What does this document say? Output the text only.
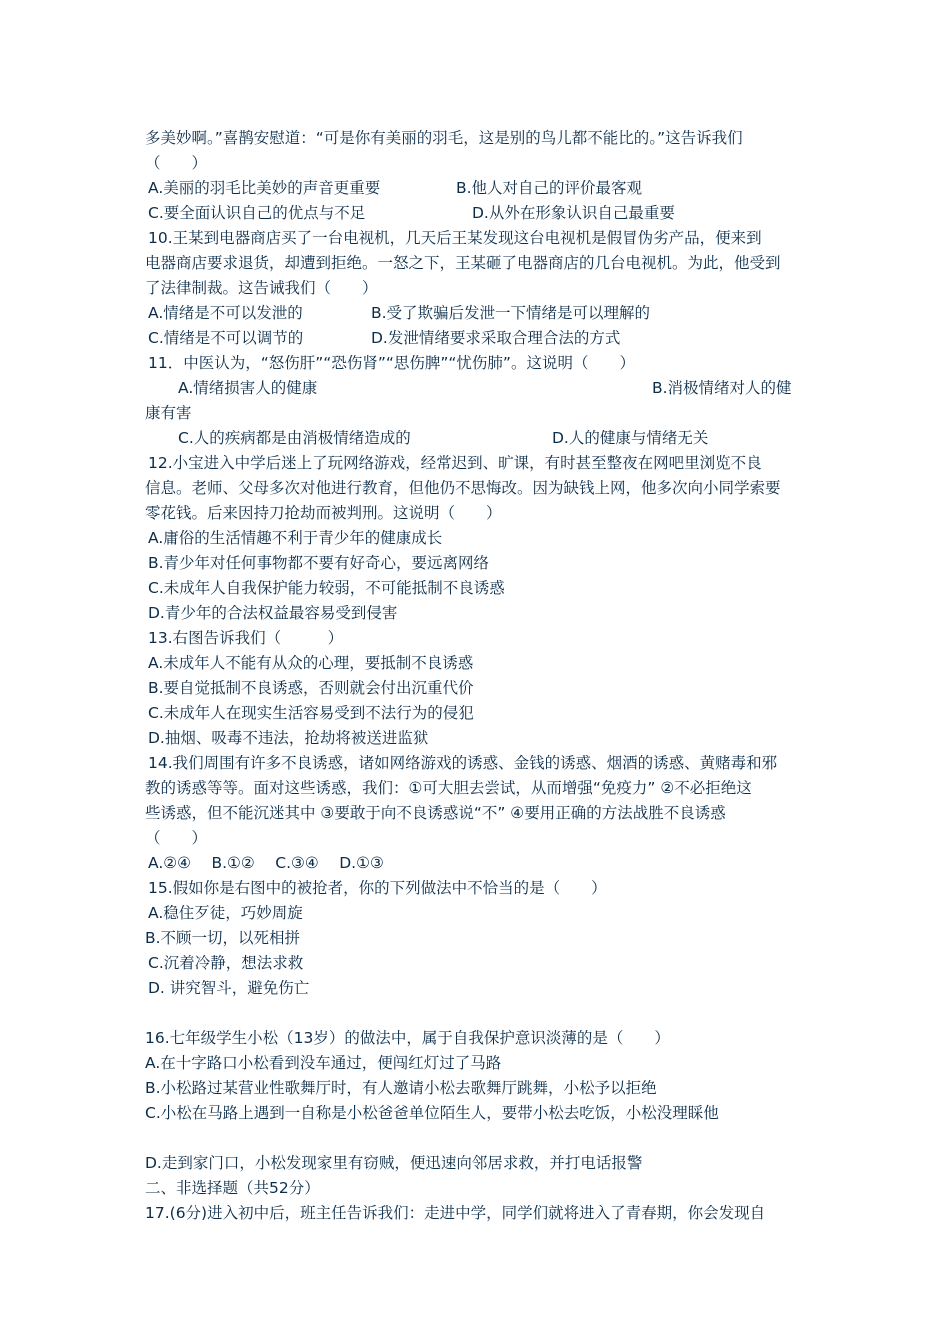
多美妙啊。”喜鹊安慰道：“可是你有美丽的羽毛，这是别的鸟儿都不能比的。”这告诉我们
（　　）
A.美丽的羽毛比美妙的声音更重要	B.他人对自己的评价最客观
C.要全面认识自己的优点与不足	D.从外在形象认识自己最重要
10.王某到电器商店买了一台电视机，几天后王某发现这台电视机是假冒伪劣产品，便来到
电器商店要求退货，却遭到拒绝。一怒之下，王某砸了电器商店的几台电视机。为此，他受到
了法律制裁。这告诫我们（　　）
A.情绪是不可以发泄的	B.受了欺骗后发泄一下情绪是可以理解的
C.情绪是不可以调节的	D.发泄情绪要求采取合理合法的方式
11．中医认为，“怒伤肝”“恐伤肾”“思伤脾”“忧伤肺”。这说明（　　）
A.情绪损害人的健康	B.消极情绪对人的健
康有害
C.人的疾病都是由消极情绪造成的	D.人的健康与情绪无关
12.小宝进入中学后迷上了玩网络游戏，经常迟到、旷课，有时甚至整夜在网吧里浏览不良
信息。老师、父母多次对他进行教育，但他仍不思悔改。因为缺钱上网，他多次向小同学索要
零花钱。后来因持刀抢劫而被判刑。这说明（　　）
A.庸俗的生活情趣不利于青少年的健康成长
B.青少年对任何事物都不要有好奇心，要远离网络
C.未成年人自我保护能力较弱，不可能抵制不良诱惑
D.青少年的合法权益最容易受到侵害
13.右图告诉我们（　　　）
A.未成年人不能有从众的心理，要抵制不良诱惑
B.要自觉抵制不良诱惑，否则就会付出沉重代价
C.未成年人在现实生活容易受到不法行为的侵犯
D.抽烟、吸毒不违法，抢劫将被送进监狱
14.我们周围有许多不良诱惑，诸如网络游戏的诱惑、金钱的诱惑、烟酒的诱惑、黄赌毒和邪
教的诱惑等等。面对这些诱惑，我们：①可大胆去尝试，从而增强“免疫力” ②不必拒绝这
些诱惑，但不能沉迷其中 ③要敢于向不良诱惑说“不” ④要用正确的方法战胜不良诱惑
（　　）
A.②④　 B.①②　 C.③④　 D.①③
15.假如你是右图中的被抢者，你的下列做法中不恰当的是（　　）
A.稳住歹徒，巧妙周旋
B.不顾一切，以死相拼
C.沉着冷静，想法求救
D. 讲究智斗，避免伤亡
16.七年级学生小松（13岁）的做法中，属于自我保护意识淡薄的是（　　）
A.在十字路口小松看到没车通过，便闯红灯过了马路
B.小松路过某营业性歌舞厅时，有人邀请小松去歌舞厅跳舞，小松予以拒绝
C.小松在马路上遇到一自称是小松爸爸单位陌生人，要带小松去吃饭，小松没理睬他
D.走到家门口，小松发现家里有窃贼，便迅速向邻居求救，并打电话报警
二、非选择题（共52分）
17.(6分)进入初中后，班主任告诉我们：走进中学，同学们就将进入了青春期，你会发现自
